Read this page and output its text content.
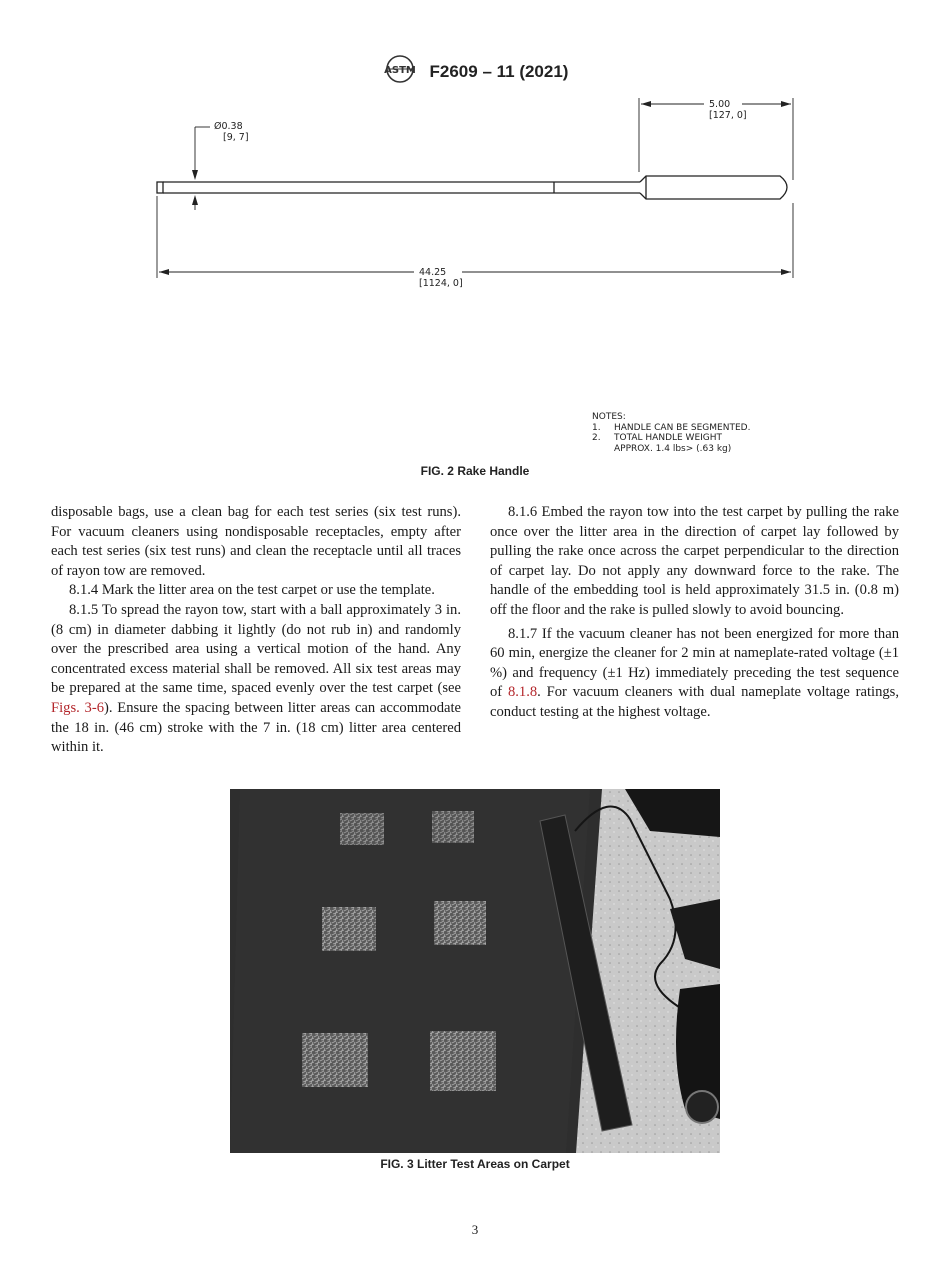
ASTM F2609 – 11 (2021)
Ø0.38
[9, 7]
5.00
[127, 0]
44.25
[1124, 0]
NOTES:
1. HANDLE CAN BE SEGMENTED.
2. TOTAL HANDLE WEIGHT
APPROX. 1.4 lbs> (.63 kg)
FIG. 2 Rake Handle

disposable bags, use a clean bag for each test series (six test runs). For vacuum cleaners using nondisposable receptacles, empty after each test series (six test runs) and clean the receptacle until all traces of rayon tow are removed.

8.1.4 Mark the litter area on the test carpet or use the template.

8.1.5 To spread the rayon tow, start with a ball approximately 3 in. (8 cm) in diameter dabbing it lightly (do not rub in) and randomly over the prescribed area using a vertical motion of the hand. Any concentrated excess material shall be removed. All six test areas may be prepared at the same time, spaced evenly over the test carpet (see Figs. 3-6). Ensure the spacing between litter areas can accommodate the 18 in. (46 cm) stroke with the 7 in. (18 cm) litter area centered within it.

8.1.6 Embed the rayon tow into the test carpet by pulling the rake once over the litter area in the direction of carpet lay followed by pulling the rake once across the carpet perpendicular to the direction of carpet lay. Do not apply any downward force to the rake. The handle of the embedding tool is held approximately 31.5 in. (0.8 m) off the floor and the rake is pulled slowly to avoid bouncing.

8.1.7 If the vacuum cleaner has not been energized for more than 60 min, energize the cleaner for 2 min at nameplate-rated voltage (±1 %) and frequency (±1 Hz) immediately preceding the test sequence of 8.1.8. For vacuum cleaners with dual nameplate voltage ratings, conduct testing at the highest voltage.

FIG. 3 Litter Test Areas on Carpet
3
